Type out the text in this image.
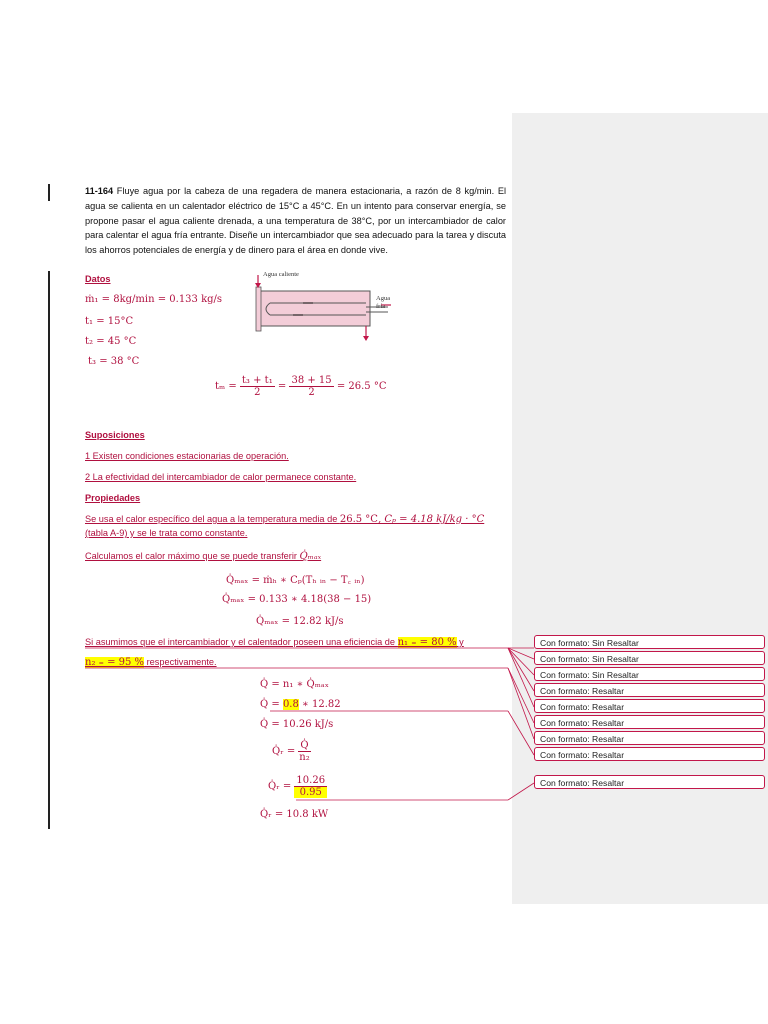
11-164 Fluye agua por la cabeza de una regadera de manera estacionaria, a razón de 8 kg/min. El agua se calienta en un calentador eléctrico de 15°C a 45°C. En un intento para conservar energía, se propone pasar el agua caliente drenada, a una temperatura de 38°C, por un intercambiador de calor para calentar el agua fría entrante. Diseñe un intercambiador que sea adecuado para la tarea y discuta los ahorros potenciales de energía y de dinero para el área en donde vive.
Datos
ṁ₁ = 8kg/min = 0.133 kg/s
t₁ = 15°C
t₂ = 45 °C
t₃ = 38 °C
$t_m = \frac{\text{t₃ + t₁}}{2} = \frac{38 + 15}{2} = 26.5$ °C
Agua caliente
Agua fría
Suposiciones
1 Existen condiciones estacionarias de operación.
2 La efectividad del intercambiador de calor permanece constante.
Propiedades
Se usa el calor específico del agua a la temperatura media de 26.5 °C, Cₚ = 4.18 kJ/kg · °C
(tabla A-9) y se le trata como constante.
Calculamos el calor máximo que se puede transferir Q̇ₘₐₓ
Q̇ₘₐₓ = ṁₕ ∗ Cₚ(Tₕ ᵢₙ − T꜀ ᵢₙ)
Q̇ₘₐₓ = 0.133 ∗ 4.18(38 − 15)
Q̇ₘₐₓ = 12.82 kJ/s
Si asumimos que el intercambiador y el calentador poseen una eficiencia de n₁ ₌ = 80 % y
n₂ ₌ = 95 % respectivamente.
Q̇ = n₁ ∗ Q̇ₘₐₓ
Q̇ = 0.8 ∗ 12.82
Q̇ = 10.26 kJ/s
Q̇ᵣ = $\frac{Q̇}{\text{n₂}}$
Q̇ᵣ = $\frac{10.26}{0.95}$
Q̇ᵣ = 10.8 kW
Con formato: Sin Resaltar
Con formato: Sin Resaltar
Con formato: Sin Resaltar
Con formato: Resaltar
Con formato: Resaltar
Con formato: Resaltar
Con formato: Resaltar
Con formato: Resaltar
Con formato: Resaltar
